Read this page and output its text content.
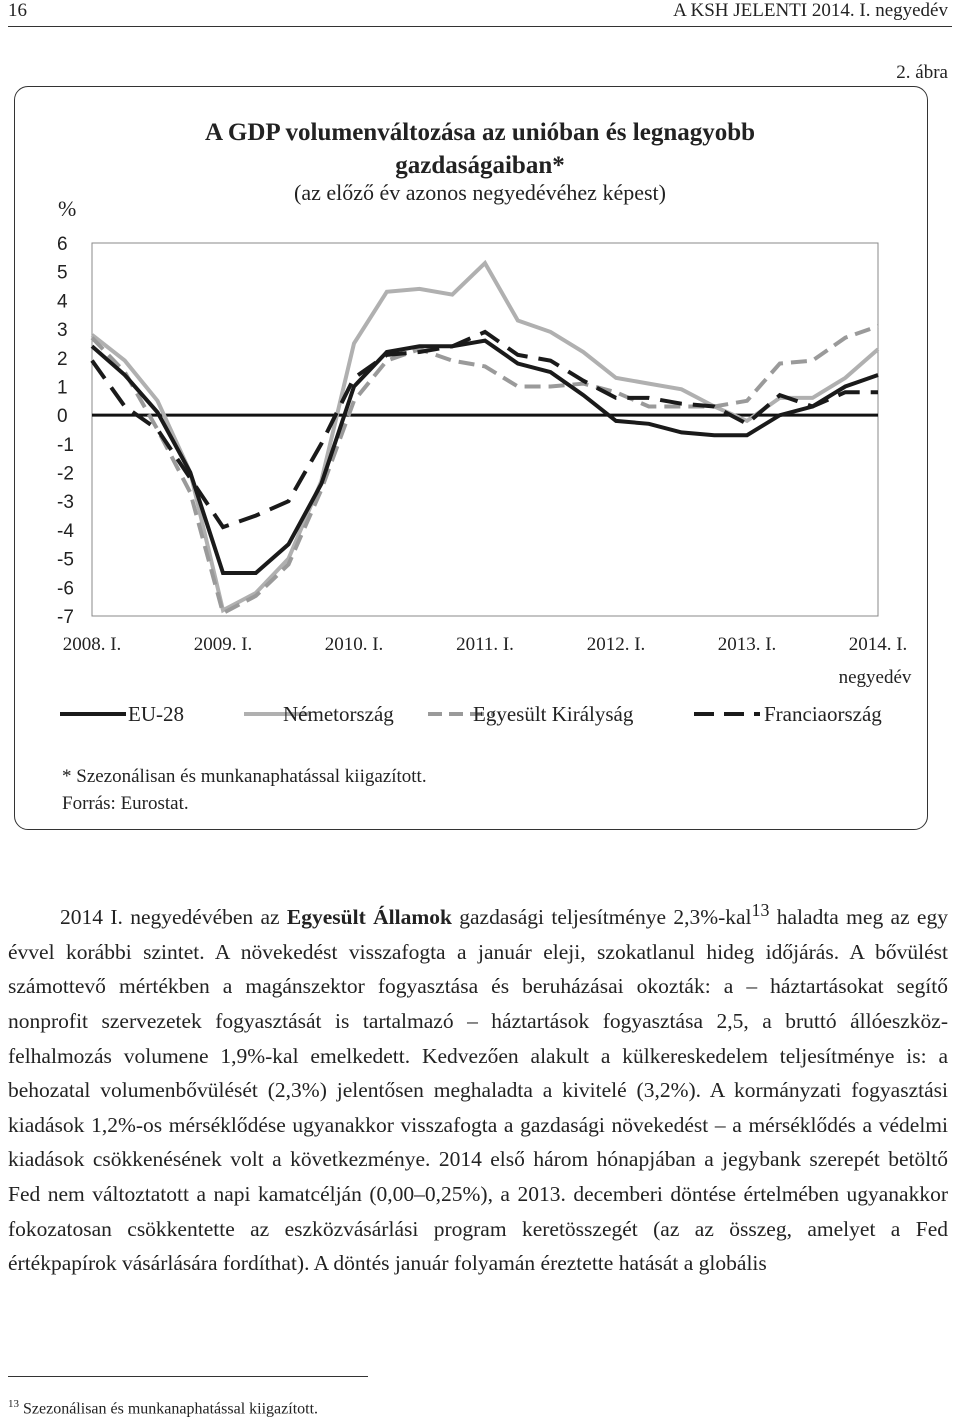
16	A KSH JELENTI 2014. I. negyedév
2. ábra
A GDP volumenváltozása az unióban és legnagyobb
gazdaságaiban*
(az előző év azonos negyedévéhez képest)
%
6
5
4
3
2
1
0
-1
-2
-3
-4
-5
-6
-7
2008. I.	2009. I.	2010. I.	2011. I.	2012. I.	2013. I.	2014. I.
negyedév
EU-28	Németország	Egyesült Királyság	Franciaország
* Szezonálisan és munkanaphatással kiigazított.
Forrás: Eurostat.

2014 I. negyedévében az Egyesült Államok gazdasági teljesítménye 2,3%-kal$^{13}$ haladta meg az egy évvel korábbi szintet. A növekedést visszafogta a január eleji, szokatlanul hideg időjárás. A bővülést számottevő mértékben a magánszektor fogyasztása és beruházásai okozták: a – háztartásokat segítő nonprofit szervezetek fogyasztását is tartalmazó – háztartások fogyasztása 2,5, a bruttó állóeszköz-felhalmozás volumene 1,9%-kal emelkedett. Kedvezően alakult a külkereskedelem teljesítménye is: a behozatal volumenbővülését (2,3%) jelentősen meghaladta a kivitelé (3,2%). A kormányzati fogyasztási kiadások 1,2%-os mérséklődése ugyanakkor visszafogta a gazdasági növekedést – a mérséklődés a védelmi kiadások csökkenésének volt a következménye. 2014 első három hónapjában a jegybank szerepét betöltő Fed nem változtatott a napi kamatcélján (0,00–0,25%), a 2013. decemberi döntése értelmében ugyanakkor fokozatosan csökkentette az eszközvásárlási program keretösszegét (az az összeg, amelyet a Fed értékpapírok vásárlására fordíthat). A döntés január folyamán éreztette hatását a globális

$^{13}$ Szezonálisan és munkanaphatással kiigazított.
